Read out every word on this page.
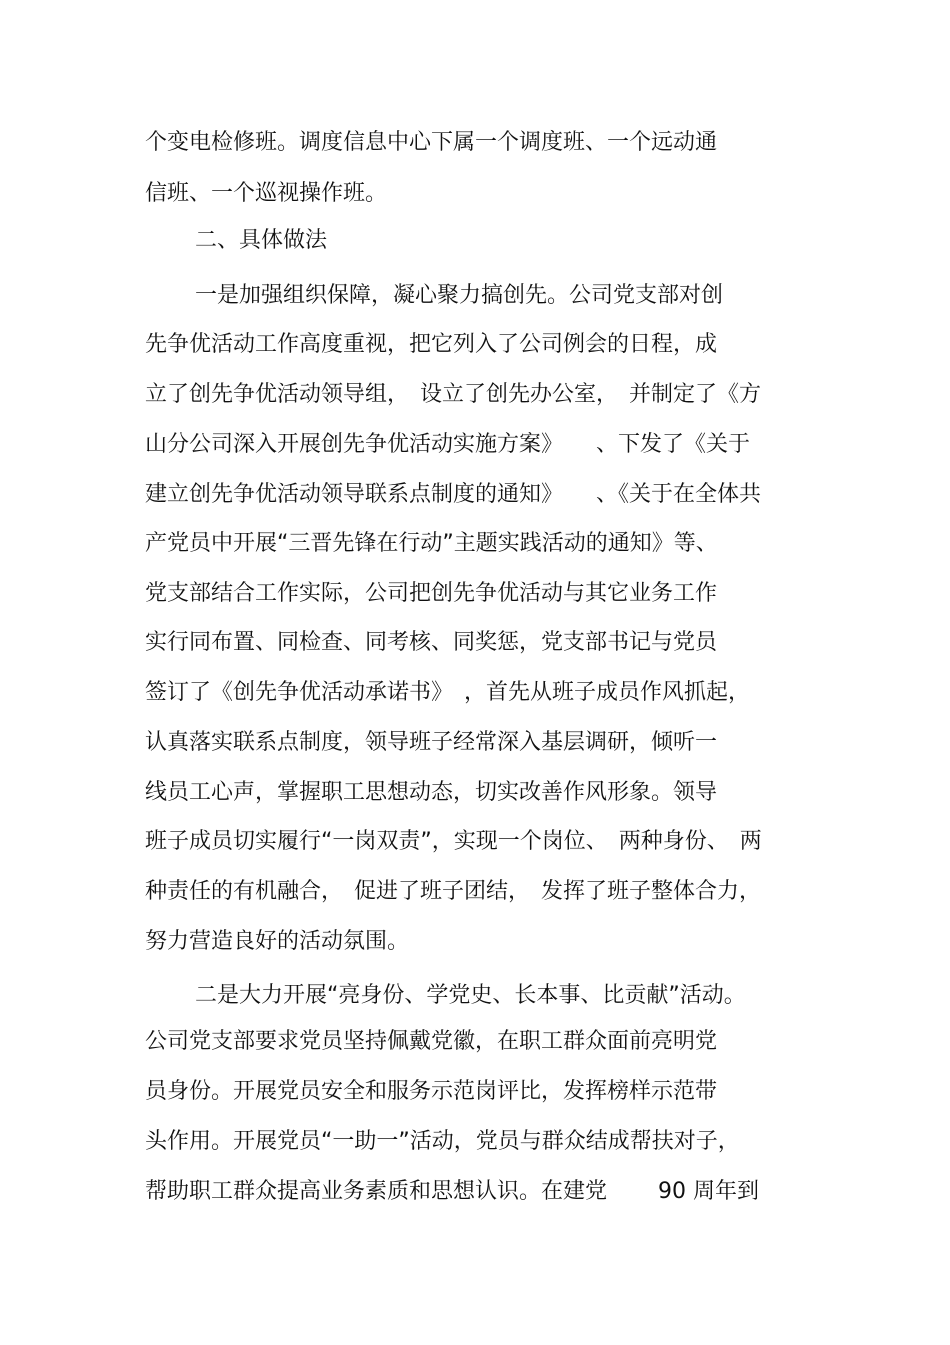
个变电检修班。调度信息中心下属一个调度班、一个远动通
信班、一个巡视操作班。
二、具体做法
一是加强组织保障，凝心聚力搞创先。公司党支部对创
先争优活动工作高度重视，把它列入了公司例会的日程，成
立了创先争优活动领导组，　设立了创先办公室，　并制定了《方
山分公司深入开展创先争优活动实施方案》　　、下发了《关于
建立创先争优活动领导联系点制度的通知》　　、《关于在全体共
产党员中开展“三晋先锋在行动”主题实践活动的通知》等、
党支部结合工作实际，公司把创先争优活动与其它业务工作
实行同布置、同检查、同考核、同奖惩，党支部书记与党员
签订了《创先争优活动承诺书》　，首先从班子成员作风抓起，
认真落实联系点制度，领导班子经常深入基层调研，倾听一
线员工心声，掌握职工思想动态，切实改善作风形象。领导
班子成员切实履行“一岗双责”，实现一个岗位、　两种身份、　两
种责任的有机融合，　促进了班子团结，　发挥了班子整体合力，
努力营造良好的活动氛围。
二是大力开展“亮身份、学党史、长本事、比贡献”活动。
公司党支部要求党员坚持佩戴党徽，在职工群众面前亮明党
员身份。开展党员安全和服务示范岗评比，发挥榜样示范带
头作用。开展党员“一助一”活动，党员与群众结成帮扶对子，
帮助职工群众提高业务素质和思想认识。在建党　　 90 周年到
